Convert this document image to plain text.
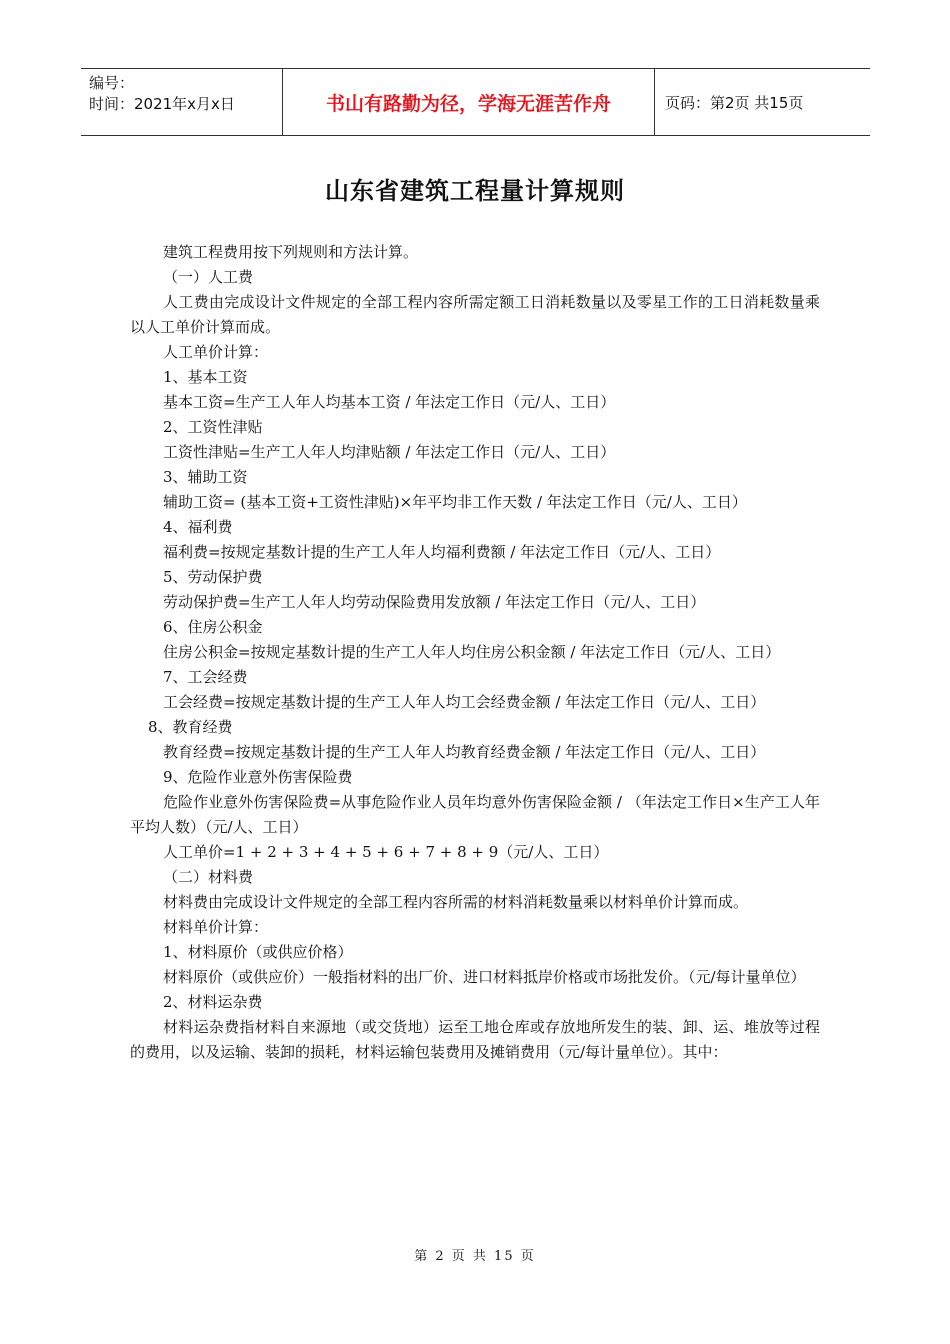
编号：
时间：2021年x月x日	书山有路勤为径，学海无涯苦作舟	页码：第2页 共15页
山东省建筑工程量计算规则

建筑工程费用按下列规则和方法计算。

（一）人工费

人工费由完成设计文件规定的全部工程内容所需定额工日消耗数量以及零星工作的工日消耗数量乘以人工单价计算而成。

人工单价计算：

1、基本工资

基本工资=生产工人年人均基本工资 / 年法定工作日（元/人、工日）

2、工资性津贴

工资性津贴=生产工人年人均津贴额 / 年法定工作日（元/人、工日）

3、辅助工资

辅助工资= (基本工资+工资性津贴)×年平均非工作天数 / 年法定工作日（元/人、工日）

4、福利费

福利费=按规定基数计提的生产工人年人均福利费额 / 年法定工作日（元/人、工日）

5、劳动保护费

劳动保护费=生产工人年人均劳动保险费用发放额 / 年法定工作日（元/人、工日）

6、住房公积金

住房公积金=按规定基数计提的生产工人年人均住房公积金额 / 年法定工作日（元/人、工日）

7、工会经费

工会经费=按规定基数计提的生产工人年人均工会经费金额 / 年法定工作日（元/人、工日）

8、教育经费

教育经费=按规定基数计提的生产工人年人均教育经费金额 / 年法定工作日（元/人、工日）

9、危险作业意外伤害保险费

危险作业意外伤害保险费=从事危险作业人员年均意外伤害保险金额 / （年法定工作日×生产工人年平均人数）（元/人、工日）

人工单价=1 + 2 + 3 + 4 + 5 + 6 + 7 + 8 + 9（元/人、工日）

（二）材料费

材料费由完成设计文件规定的全部工程内容所需的材料消耗数量乘以材料单价计算而成。

材料单价计算：

1、材料原价（或供应价格）

材料原价（或供应价）一般指材料的出厂价、进口材料抵岸价格或市场批发价。（元/每计量单位）

2、材料运杂费

材料运杂费指材料自来源地（或交货地）运至工地仓库或存放地所发生的装、卸、运、堆放等过程的费用，以及运输、装卸的损耗，材料运输包装费用及摊销费用（元/每计量单位）。其中：

第 2 页 共 15 页
